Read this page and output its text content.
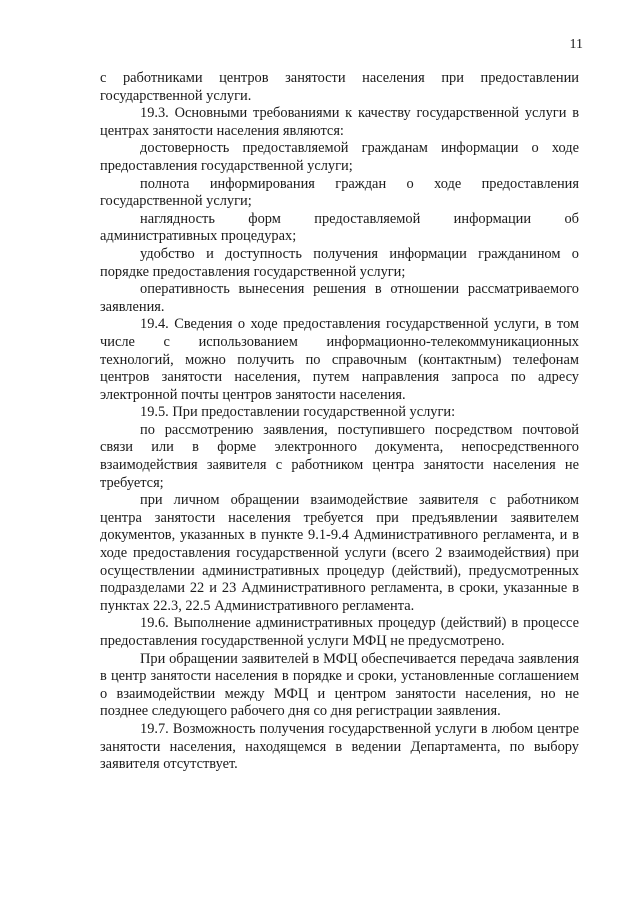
11

с работниками центров занятости населения при предоставлении государственной услуги.

19.3. Основными требованиями к качеству государственной услуги в центрах занятости населения являются:

достоверность предоставляемой гражданам информации о ходе предоставления государственной услуги;

полнота информирования граждан о ходе предоставления государственной услуги;

наглядность форм предоставляемой информации об административных процедурах;

удобство и доступность получения информации гражданином о порядке предоставления государственной услуги;

оперативность вынесения решения в отношении рассматриваемого заявления.

19.4. Сведения о ходе предоставления государственной услуги, в том числе с использованием информационно-телекоммуникационных технологий, можно получить по справочным (контактным) телефонам центров занятости населения, путем направления запроса по адресу электронной почты центров занятости населения.

19.5. При предоставлении государственной услуги:

по рассмотрению заявления, поступившего посредством почтовой связи или в форме электронного документа, непосредственного взаимодействия заявителя с работником центра занятости населения не требуется;

при личном обращении взаимодействие заявителя с работником центра занятости населения требуется при предъявлении заявителем документов, указанных в пункте 9.1-9.4 Административного регламента, и в ходе предоставления государственной услуги (всего 2 взаимодействия) при осуществлении административных процедур (действий), предусмотренных подразделами 22 и 23 Административного регламента, в сроки, указанные в пунктах 22.3, 22.5 Административного регламента.

19.6. Выполнение административных процедур (действий) в процессе предоставления государственной услуги МФЦ не предусмотрено.

При обращении заявителей в МФЦ обеспечивается передача заявления в центр занятости населения в порядке и сроки, установленные соглашением о взаимодействии между МФЦ и центром занятости населения, но не позднее следующего рабочего дня со дня регистрации заявления.

19.7. Возможность получения государственной услуги в любом центре занятости населения, находящемся в ведении Департамента, по выбору заявителя отсутствует.
